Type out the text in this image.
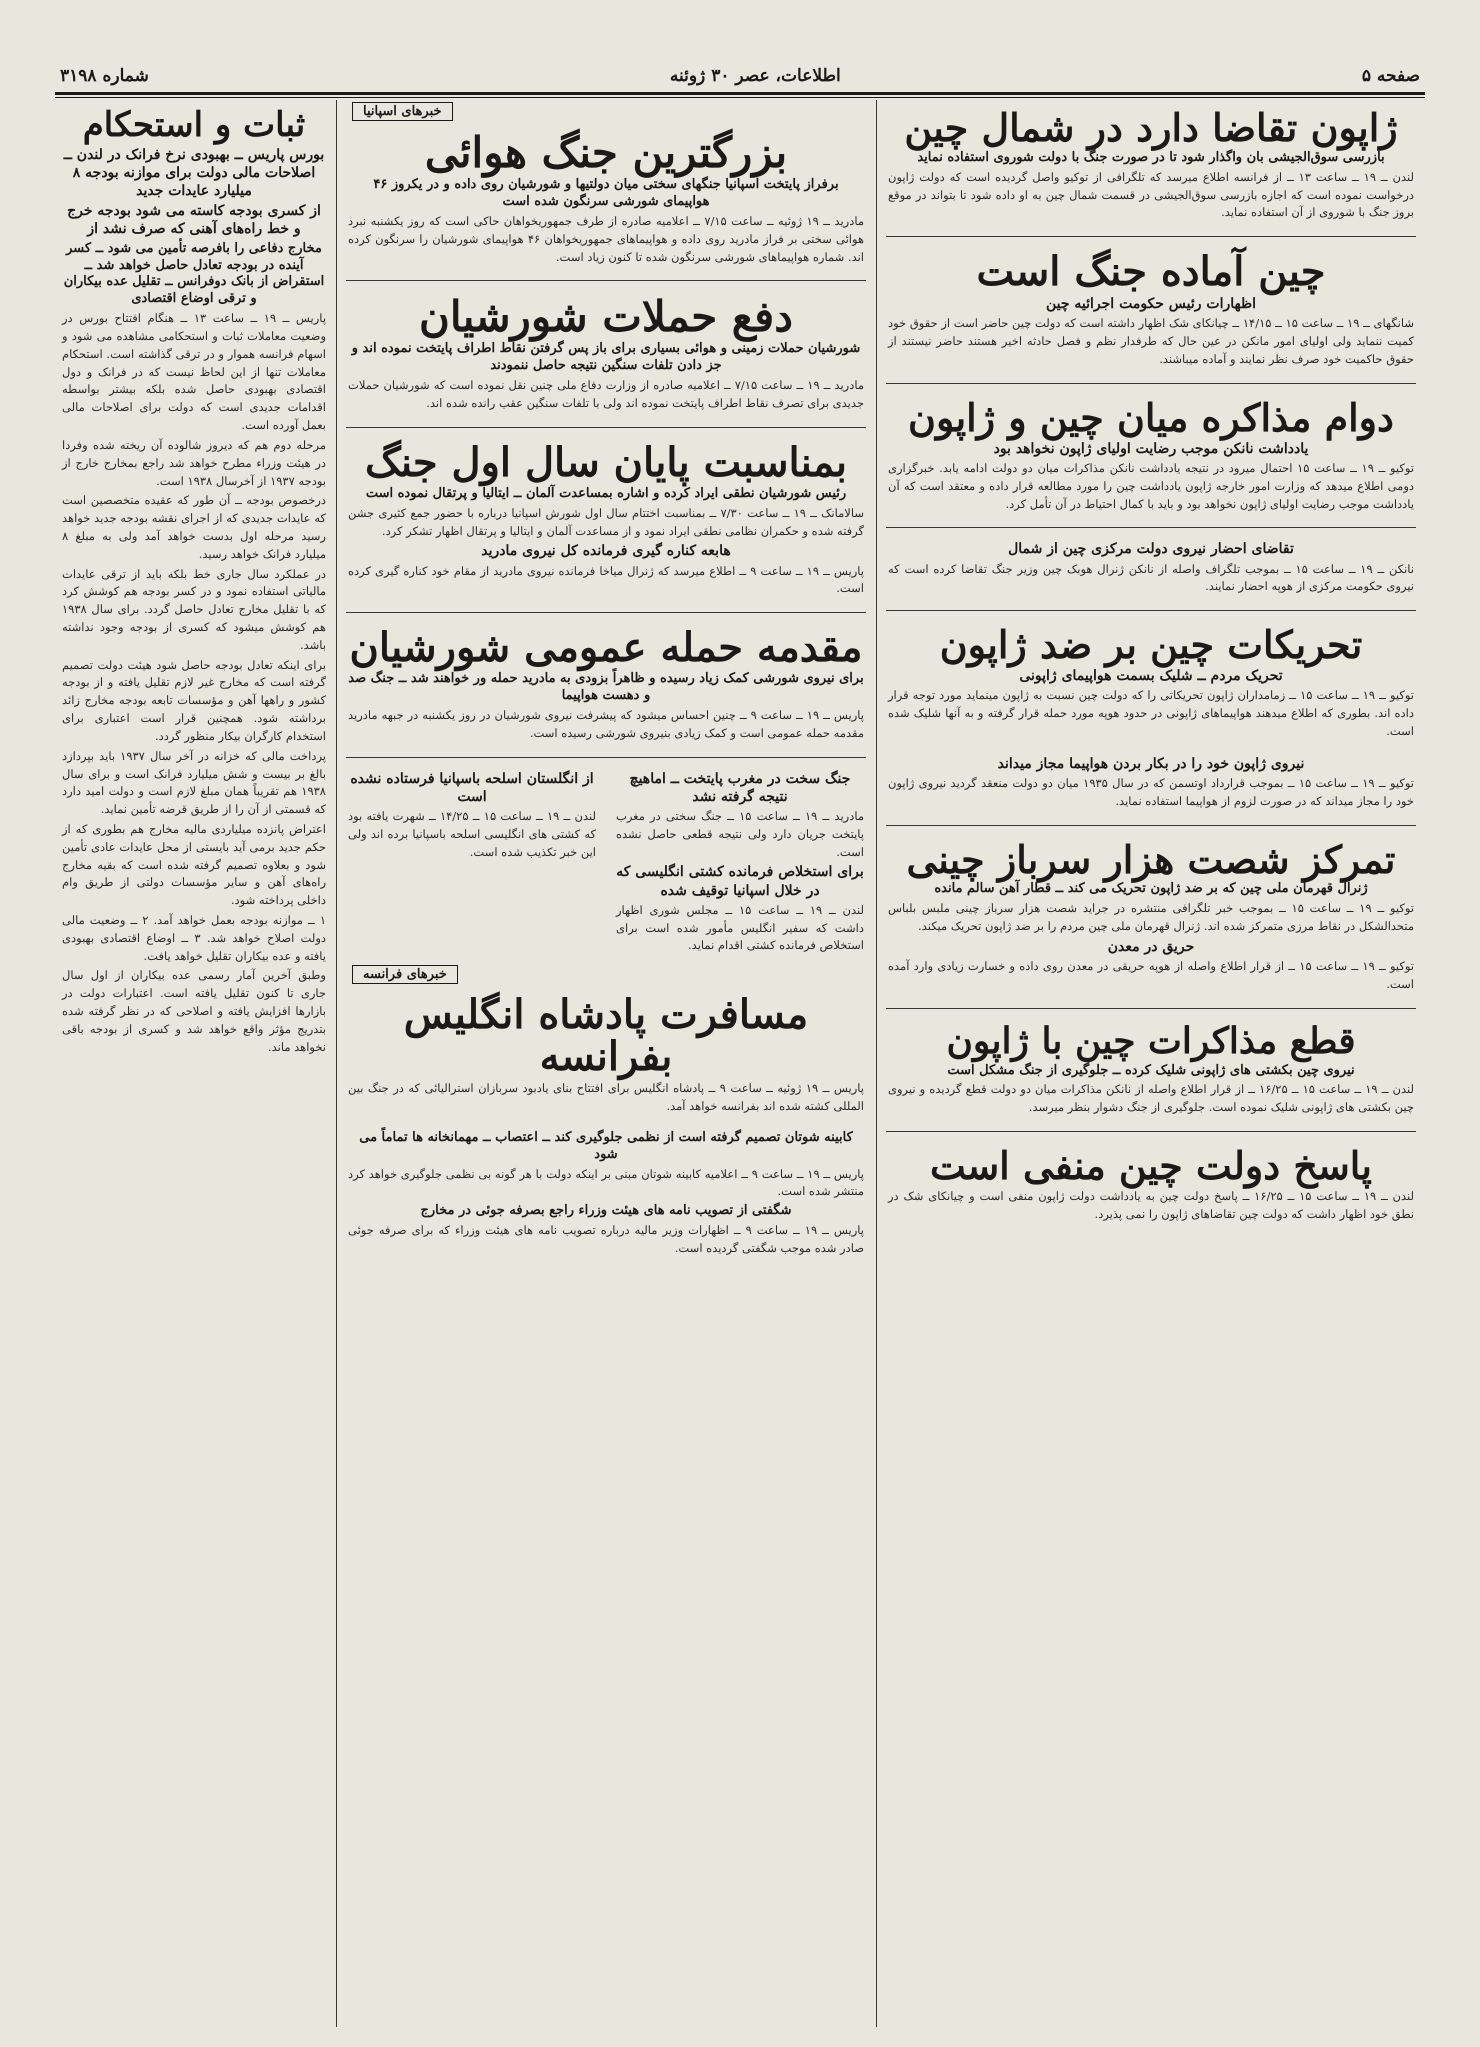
صفحه ۵
اطلاعات، عصر ۳۰ ژوئنه
شماره ۳۱۹۸
ژاپون تقاضا دارد در شمال چین
بازرسی سوق‌الجیشی بان واگذار شود تا در صورت جنگ با دولت شوروی استفاده نماید
لندن ــ ۱۹ ــ ساعت ۱۳ ــ از فرانسه اطلاع میرسد که تلگرافی از توکیو واصل گردیده است که دولت ژاپون درخواست نموده است که اجازه بازرسی سوق‌الجیشی در قسمت شمال چین به او داده شود تا بتواند در موقع بروز جنگ با شوروی از آن استفاده نماید.
چین آماده جنگ است
اظهارات رئیس حکومت اجرائیه چین
شانگهای ــ ۱۹ ــ ساعت ۱۵ ــ ۱۴/۱۵ ــ چیانکای شک اظهار داشته است که دولت چین حاضر است از حقوق خود کمیت ننماید ولی اولیای امور مانکن در عین حال که طرفدار نظم و فصل حادثه اخیر هستند حاضر نیستند از حقوق حاکمیت خود صرف نظر نمایند و آماده میباشند.
دوام مذاکره میان چین و ژاپون
یادداشت نانکن موجب رضایت اولیای ژاپون نخواهد بود
توکیو ــ ۱۹ ــ ساعت ۱۵ احتمال میرود در نتیجه یادداشت نانکن مذاکرات میان دو دولت ادامه یابد. خبرگزاری دومی اطلاع میدهد که وزارت امور خارجه ژاپون یادداشت چین را مورد مطالعه قرار داده و معتقد است که آن یادداشت موجب رضایت اولیای ژاپون نخواهد بود و باید با کمال احتیاط در آن تأمل کرد.
تقاضای احضار نیروی دولت مرکزی چین از شمال
نانکن ــ ۱۹ ــ ساعت ۱۵ ــ بموجب تلگراف واصله از نانکن ژنرال هوبک چین وزیر جنگ تقاضا کرده است که نیروی حکومت مرکزی از هوپه احضار نمایند.
تحریکات چین بر ضد ژاپون
تحریک مردم ــ شلیک بسمت هواپیمای ژاپونی
توکیو ــ ۱۹ ــ ساعت ۱۵ ــ زمامداران ژاپون تحریکاتی را که دولت چین نسبت به ژاپون مینماید مورد توجه قرار داده اند. بطوری که اطلاع میدهند هواپیماهای ژاپونی در حدود هوپه مورد حمله قرار گرفته و به آنها شلیک شده است.
نیروی ژاپون خود را در بکار بردن هواپیما مجاز میداند
توکیو ــ ۱۹ ــ ساعت ۱۵ ــ بموجب قرارداد اوتسمن که در سال ۱۹۳۵ میان دو دولت منعقد گردید نیروی ژاپون خود را مجاز میداند که در صورت لزوم از هواپیما استفاده نماید.
تمرکز شصت هزار سرباز چینی
ژنرال قهرمان ملی چین که بر ضد ژاپون تحریک می کند ــ قطار آهن سالم مانده
توکیو ــ ۱۹ ــ ساعت ۱۵ ــ بموجب خبر تلگرافی منتشره در جراید شصت هزار سرباز چینی ملبس بلباس متحدالشکل در نقاط مرزی متمرکز شده اند. ژنرال قهرمان ملی چین مردم را بر ضد ژاپون تحریک میکند.
حریق در معدن
توکیو ــ ۱۹ ــ ساعت ۱۵ ــ از قرار اطلاع واصله از هوپه حریقی در معدن روی داده و خسارت زیادی وارد آمده است.
قطع مذاکرات چین با ژاپون
نیروی چین بکشتی های ژاپونی شلیک کرده ــ جلوگیری از جنگ مشکل است
لندن ــ ۱۹ ــ ساعت ۱۵ ــ ۱۶/۲۵ ــ از قرار اطلاع واصله از نانکن مذاکرات میان دو دولت قطع گردیده و نیروی چین بکشتی های ژاپونی شلیک نموده است. جلوگیری از جنگ دشوار بنظر میرسد.
پاسخ دولت چین منفی است
لندن ــ ۱۹ ــ ساعت ۱۵ ــ ۱۶/۲۵ ــ پاسخ دولت چین به یادداشت دولت ژاپون منفی است و چیانکای شک در نطق خود اظهار داشت که دولت چین تقاضاهای ژاپون را نمی پذیرد.
خبرهای اسپانیا
بزرگترین جنگ هوائی
برفراز پایتخت اسپانیا جنگهای سختی میان دولتیها و شورشیان روی داده و در یکروز ۴۶ هواپیمای شورشی سرنگون شده است
مادرید ــ ۱۹ ژوئیه ــ ساعت ۷/۱۵ ــ اعلامیه صادره از طرف جمهوریخواهان حاکی است که روز یکشنبه نبرد هوائی سختی بر فراز مادرید روی داده و هواپیماهای جمهوریخواهان ۴۶ هواپیمای شورشیان را سرنگون کرده اند. شماره هواپیماهای شورشی سرنگون شده تا کنون زیاد است.
دفع حملات شورشیان
شورشیان حملات زمینی و هوائی بسیاری برای باز پس گرفتن نقاط اطراف پایتخت نموده اند و جز دادن تلفات سنگین نتیجه حاصل ننمودند
مادرید ــ ۱۹ ــ ساعت ۷/۱۵ ــ اعلامیه صادره از وزارت دفاع ملی چنین نقل نموده است که شورشیان حملات جدیدی برای تصرف نقاط اطراف پایتخت نموده اند ولی با تلفات سنگین عقب رانده شده اند.
بمناسبت پایان سال اول جنگ
رئیس شورشیان نطقی ایراد کرده و اشاره بمساعدت آلمان ــ ایتالیا و پرتقال نموده است
سالامانک ــ ۱۹ ــ ساعت ۷/۳۰ ــ بمناسبت اختتام سال اول شورش اسپانیا درباره با حضور جمع کثیری جشن گرفته شده و حکمران نظامی نطقی ایراد نمود و از مساعدت آلمان و ایتالیا و پرتقال اظهار تشکر کرد.
هابعه کناره گیری فرمانده کل نیروی مادرید
پاریس ــ ۱۹ ــ ساعت ۹ ــ اطلاع میرسد که ژنرال میاخا فرمانده نیروی مادرید از مقام خود کناره گیری کرده است.
مقدمه حمله عمومی شورشیان
برای نیروی شورشی کمک زیاد رسیده و ظاهراً بزودی به مادرید حمله ور خواهند شد ــ جنگ صد و دهست هواپیما
پاریس ــ ۱۹ ــ ساعت ۹ ــ چنین احساس میشود که پیشرفت نیروی شورشیان در روز یکشنبه در جبهه مادرید مقدمه حمله عمومی است و کمک زیادی بنیروی شورشی رسیده است.
جنگ سخت در مغرب پایتخت ــ اماهیچ نتیجه گرفته نشد
مادرید ــ ۱۹ ــ ساعت ۱۵ ــ جنگ سختی در مغرب پایتخت جریان دارد ولی نتیجه قطعی حاصل نشده است.
برای استخلاص فرمانده کشتی انگلیسی که در خلال اسپانیا توقیف شده
لندن ــ ۱۹ ــ ساعت ۱۵ ــ مجلس شوری اظهار داشت که سفیر انگلیس مأمور شده است برای استخلاص فرمانده کشتی اقدام نماید.
از انگلستان اسلحه باسپانیا فرستاده نشده است
لندن ــ ۱۹ ــ ساعت ۱۵ ــ ۱۴/۲۵ ــ شهرت یافته بود که کشتی های انگلیسی اسلحه باسپانیا برده اند ولی این خبر تکذیب شده است.
خبرهای فرانسه
مسافرت پادشاه انگلیس بفرانسه
پاریس ــ ۱۹ ژوئیه ــ ساعت ۹ ــ پادشاه انگلیس برای افتتاح بنای یادبود سربازان استرالیائی که در جنگ بین المللی کشته شده اند بفرانسه خواهد آمد.
کابینه شوتان تصمیم گرفته است از نظمی جلوگیری کند ــ اعتصاب ــ مهمانخانه ها تماماً می شود
پاریس ــ ۱۹ ــ ساعت ۹ ــ اعلامیه کابینه شوتان مبنی بر اینکه دولت با هر گونه بی نظمی جلوگیری خواهد کرد منتشر شده است.
شگفتی از تصویب نامه های هیئت وزراء راجع بصرفه جوئی در مخارج
پاریس ــ ۱۹ ــ ساعت ۹ ــ اظهارات وزیر مالیه درباره تصویب نامه های هیئت وزراء که برای صرفه جوئی صادر شده موجب شگفتی گردیده است.
ثبات و استحکام
بورس پاریس ــ بهبودی نرخ فرانک در لندن ــ اصلاحات مالی دولت برای موازنه بودجه ۸ میلیارد عایدات جدید
از کسری بودجه کاسته می شود بودجه خرج و خط راه‌های آهنی که صرف نشد از
مخارج دفاعی را بافرصه تأمین می شود ــ کسر آینده در بودجه تعادل حاصل خواهد شد ــ استقراض از بانک دوفرانس ــ تقلیل عده بیکاران و ترقی اوضاع اقتصادی
پاریس ــ ۱۹ ــ ساعت ۱۳ ــ هنگام افتتاح بورس در وضعیت معاملات ثبات و استحکامی مشاهده می شود و اسهام فرانسه هموار و در ترقی گذاشته است. استحکام معاملات تنها از این لحاظ نیست که در فرانک و دول اقتصادی بهبودی حاصل شده بلکه بیشتر بواسطه اقدامات جدیدی است که دولت برای اصلاحات مالی بعمل آورده است.
مرحله دوم هم که دیروز شالوده آن ریخته شده وفردا در هیئت وزراء مطرح خواهد شد راجع بمخارج خارج از بودجه ۱۹۳۷ از آخرسال ۱۹۳۸ است.
درخصوص بودجه ــ آن طور که عقیده متخصصین است که عایدات جدیدی که از اجرای نقشه بودجه جدید خواهد رسید مرحله اول بدست خواهد آمد ولی به مبلغ ۸ میلیارد فرانک خواهد رسید.
در عملکرد سال جاری خط بلکه باید از ترقی عایدات مالیاتی استفاده نمود و در کسر بودجه هم کوشش کرد که با تقلیل مخارج تعادل حاصل گردد. برای سال ۱۹۳۸ هم کوشش میشود که کسری از بودجه وجود نداشته باشد.
برای اینکه تعادل بودجه حاصل شود هیئت دولت تصمیم گرفته است که مخارج غیر لازم تقلیل یافته و از بودجه کشور و راهها آهن و مؤسسات تابعه بودجه مخارج زائد برداشته شود. همچنین قرار است اعتباری برای استخدام کارگران بیکار منظور گردد.
پرداخت مالی که خزانه در آخر سال ۱۹۳۷ باید بپردازد بالغ بر بیست و شش میلیارد فرانک است و برای سال ۱۹۳۸ هم تقریباً همان مبلغ لازم است و دولت امید دارد که قسمتی از آن را از طریق قرضه تأمین نماید.
اعتراض پانزده میلیاردی مالیه مخارج هم بطوری که از حکم جدید برمی آید بایستی از محل عایدات عادی تأمین شود و بعلاوه تصمیم گرفته شده است که بقیه مخارج راه‌های آهن و سایر مؤسسات دولتی از طریق وام داخلی پرداخته شود.
۱ ــ موازنه بودجه بعمل خواهد آمد. ۲ ــ وضعیت مالی دولت اصلاح خواهد شد. ۳ ــ اوضاع اقتصادی بهبودی یافته و عده بیکاران تقلیل خواهد یافت.
وطبق آخرین آمار رسمی عده بیکاران از اول سال جاری تا کنون تقلیل یافته است. اعتبارات دولت در بازارها افزایش یافته و اصلاحی که در نظر گرفته شده بتدریج مؤثر واقع خواهد شد و کسری از بودجه باقی نخواهد ماند.
